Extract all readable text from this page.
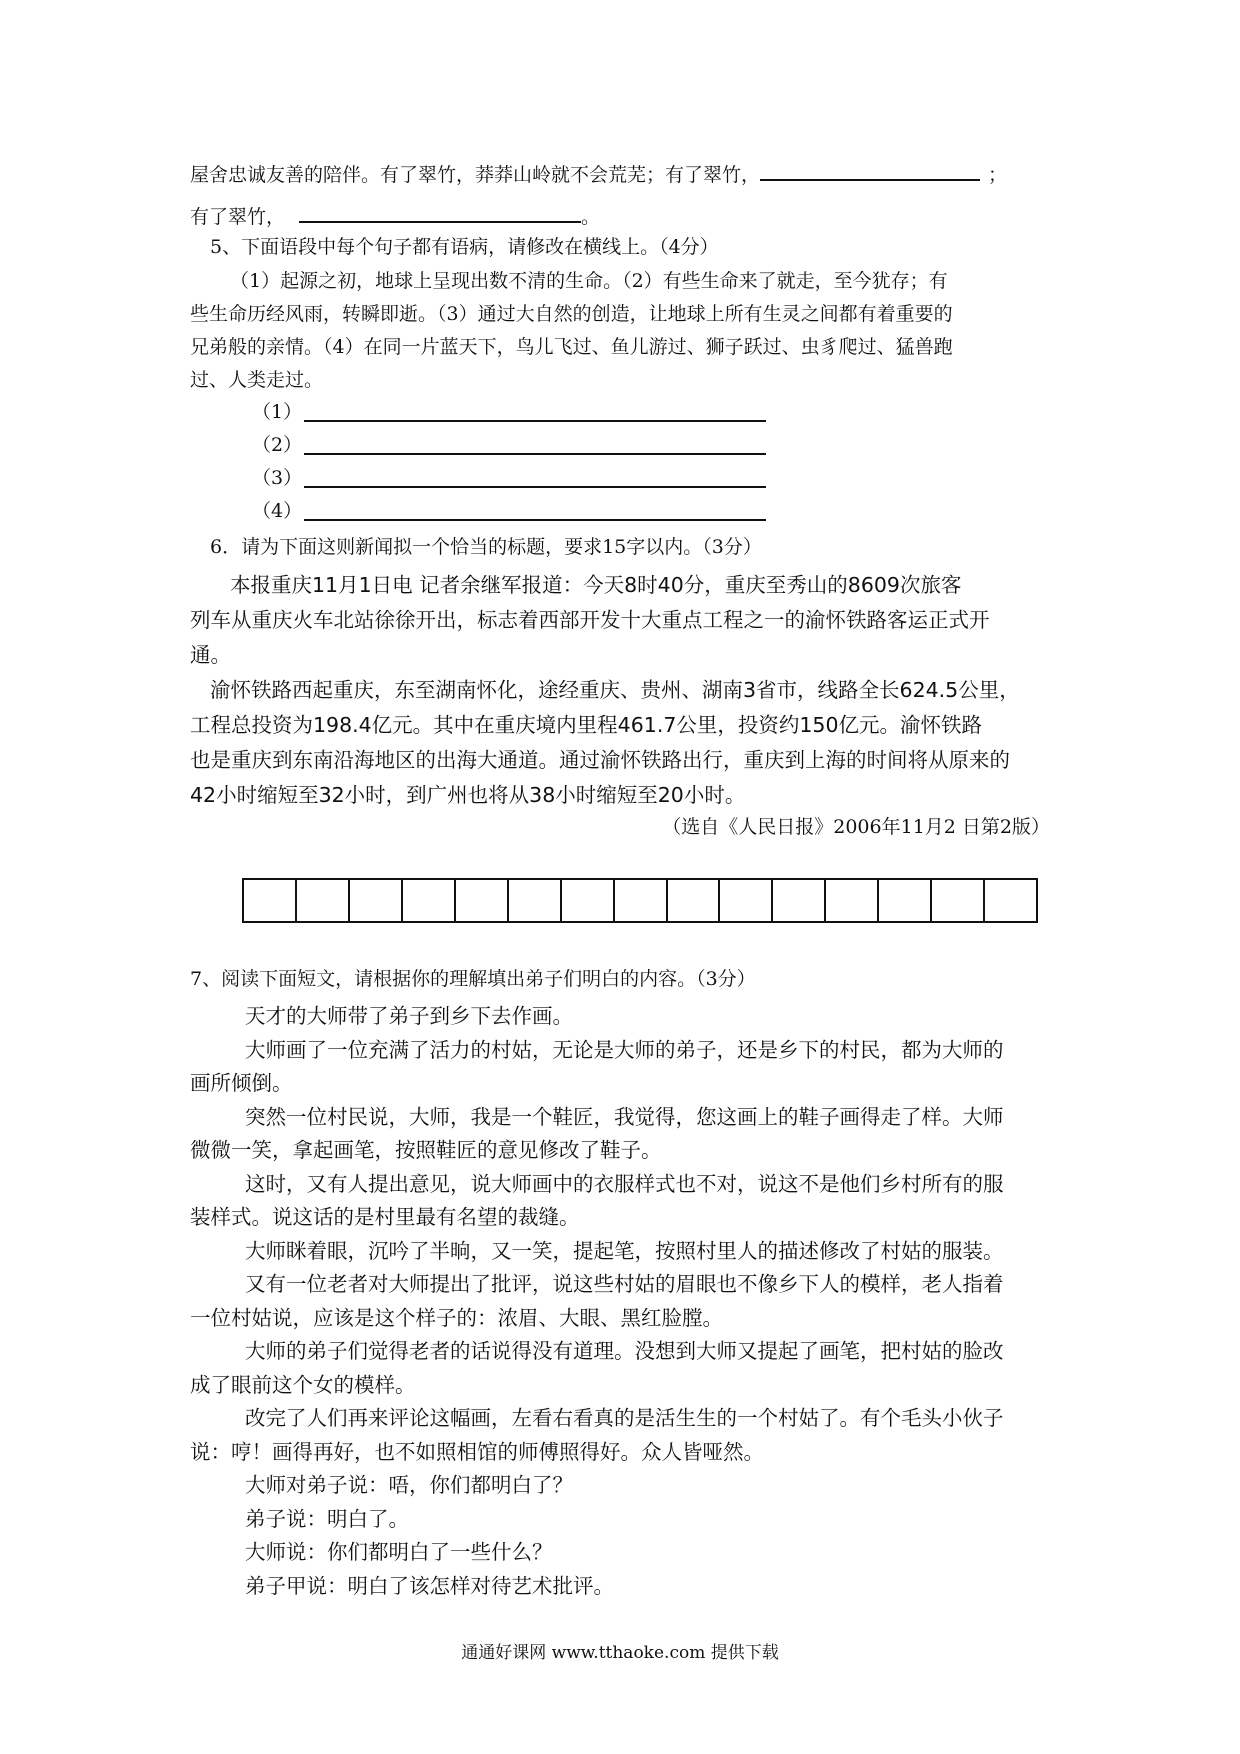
屋舍忠诚友善的陪伴。有了翠竹，莽莽山岭就不会荒芜；有了翠竹，	；
有了翠竹，	。
5、下面语段中每个句子都有语病，请修改在横线上。（4分）
（1）起源之初，地球上呈现出数不清的生命。（2）有些生命来了就走，至今犹存；有
些生命历经风雨，转瞬即逝。（3）通过大自然的创造，让地球上所有生灵之间都有着重要的
兄弟般的亲情。（4）在同一片蓝天下，鸟儿飞过、鱼儿游过、狮子跃过、虫豸爬过、猛兽跑
过、人类走过。
（1）
（2）
（3）
（4）
6．请为下面这则新闻拟一个恰当的标题，要求15字以内。（3分）
本报重庆11月1日电 记者余继军报道：今天8时40分，重庆至秀山的8609次旅客
列车从重庆火车北站徐徐开出，标志着西部开发十大重点工程之一的渝怀铁路客运正式开
通。
渝怀铁路西起重庆，东至湖南怀化，途经重庆、贵州、湖南3省市，线路全长624.5公里，
工程总投资为198.4亿元。其中在重庆境内里程461.7公里，投资约150亿元。渝怀铁路
也是重庆到东南沿海地区的出海大通道。通过渝怀铁路出行，重庆到上海的时间将从原来的
42小时缩短至32小时，到广州也将从38小时缩短至20小时。
（选自《人民日报》2006年11月2 日第2版）
7、阅读下面短文，请根据你的理解填出弟子们明白的内容。（3分）
天才的大师带了弟子到乡下去作画。
大师画了一位充满了活力的村姑，无论是大师的弟子，还是乡下的村民，都为大师的
画所倾倒。
突然一位村民说，大师，我是一个鞋匠，我觉得，您这画上的鞋子画得走了样。大师
微微一笑，拿起画笔，按照鞋匠的意见修改了鞋子。
这时，又有人提出意见，说大师画中的衣服样式也不对，说这不是他们乡村所有的服
装样式。说这话的是村里最有名望的裁缝。
大师眯着眼，沉吟了半晌，又一笑，提起笔，按照村里人的描述修改了村姑的服装。
又有一位老者对大师提出了批评，说这些村姑的眉眼也不像乡下人的模样，老人指着
一位村姑说，应该是这个样子的：浓眉、大眼、黑红脸膛。
大师的弟子们觉得老者的话说得没有道理。没想到大师又提起了画笔，把村姑的脸改
成了眼前这个女的模样。
改完了人们再来评论这幅画，左看右看真的是活生生的一个村姑了。有个毛头小伙子
说：哼！画得再好，也不如照相馆的师傅照得好。众人皆哑然。
大师对弟子说：唔，你们都明白了？
弟子说：明白了。
大师说：你们都明白了一些什么？
弟子甲说：明白了该怎样对待艺术批评。
通通好课网 www.tthaoke.com 提供下载
